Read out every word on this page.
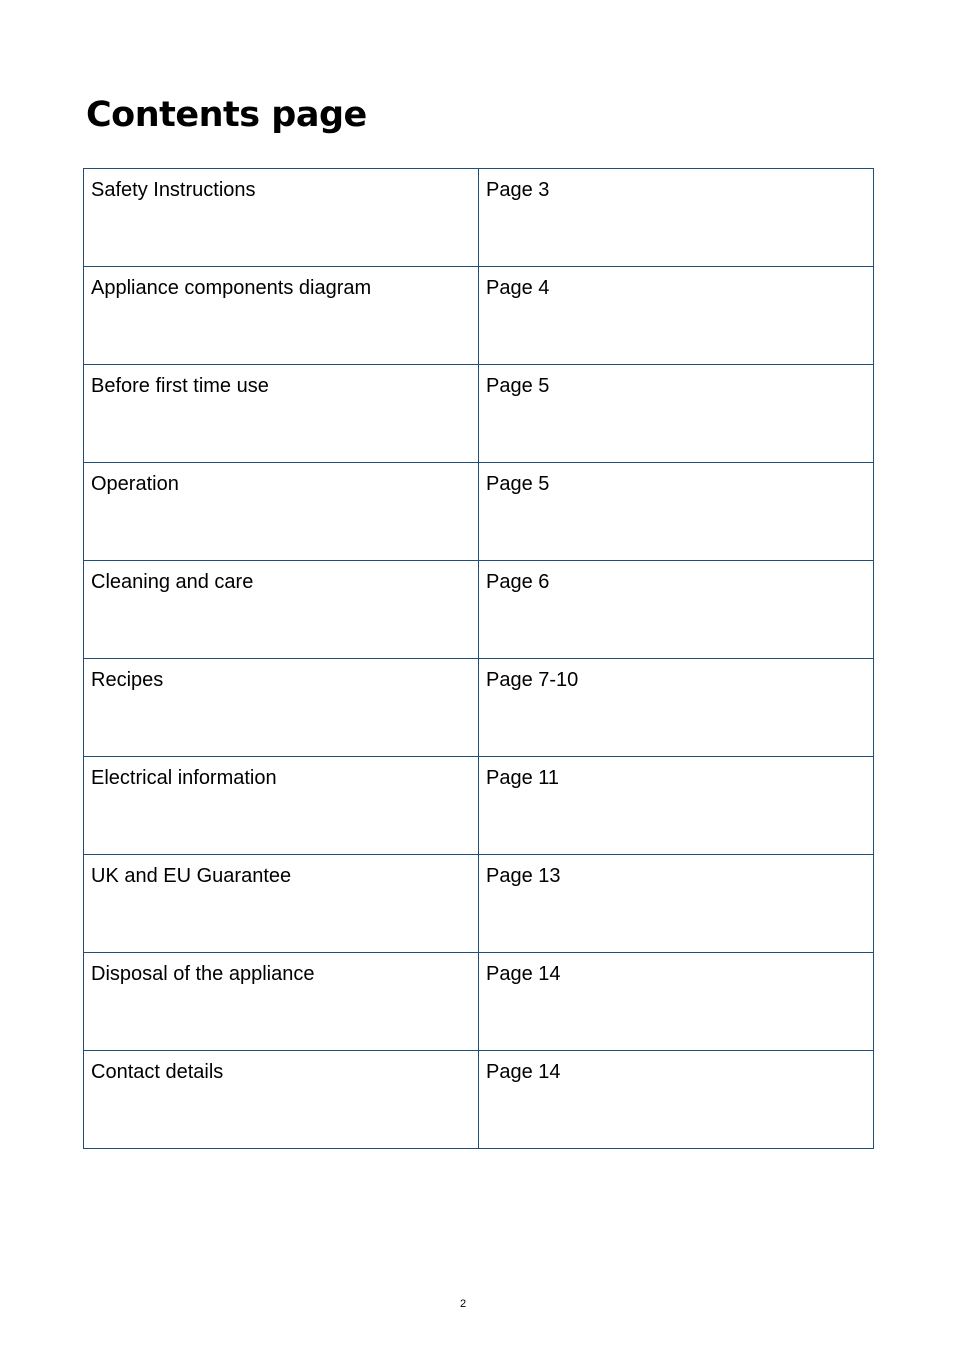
Contents page
Safety Instructions	Page 3
Appliance components diagram	Page 4
Before first time use	Page 5
Operation	Page 5
Cleaning and care	Page 6
Recipes	Page 7-10
Electrical information	Page 11
UK and EU Guarantee	Page 13
Disposal of the appliance	Page 14
Contact details	Page 14
2
